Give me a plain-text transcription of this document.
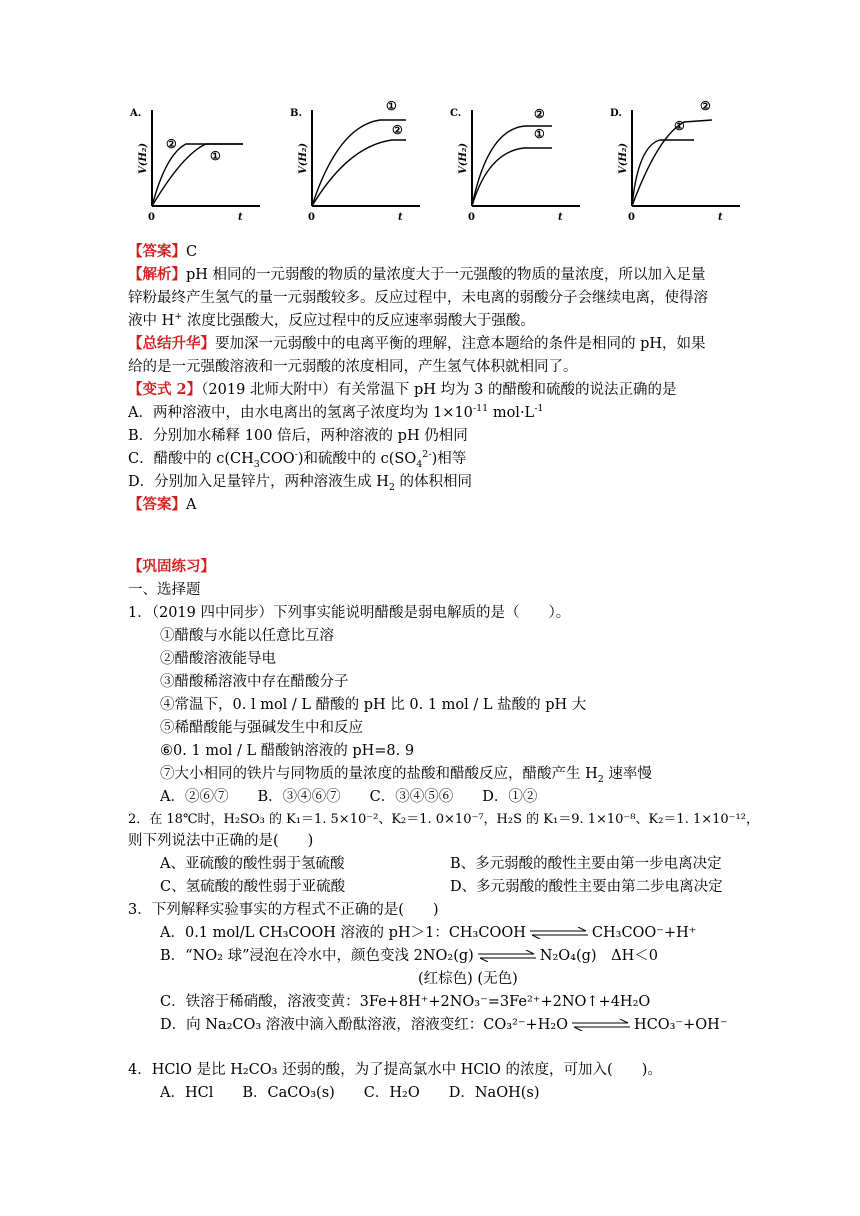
A.
V(H₂)
t
0
①
②
B.
V(H₂)
t
0
①
②
C.
V(H₂)
t
0
①
②	D.
V(H₂)
t
0
①
②
【答案】C
【解析】pH 相同的一元弱酸的物质的量浓度大于一元强酸的物质的量浓度，所以加入足量
锌粉最终产生氢气的量一元弱酸较多。反应过程中，未电离的弱酸分子会继续电离，使得溶
液中 H+ 浓度比强酸大，反应过程中的反应速率弱酸大于强酸。
【总结升华】要加深一元弱酸中的电离平衡的理解，注意本题给的条件是相同的 pH，如果
给的是一元强酸溶液和一元弱酸的浓度相同，产生氢气体积就相同了。
【变式 2】（2019 北师大附中）有关常温下 pH 均为 3 的醋酸和硫酸的说法正确的是
A．两种溶液中，由水电离出的氢离子浓度均为 $1\times 10^{-11}$ $mol\cdot L^{-1}$
B．分别加水稀释 100 倍后，两种溶液的 pH 仍相同
C．醋酸中的 $c(CH_3COO^-)$和硫酸中的 $c(SO_4^{2-})$相等
D．分别加入足量锌片，两种溶液生成 $H_2$ 的体积相同
【答案】A
【巩固练习】
一、选择题
1．（2019 四中同步）下列事实能说明醋酸是弱电解质的是（　　）。
①醋酸与水能以任意比互溶
②醋酸溶液能导电
③醋酸稀溶液中存在醋酸分子
④常温下，0. l mol / L 醋酸的 pH 比 0. 1 mol / L 盐酸的 pH 大
⑤稀醋酸能与强碱发生中和反应
⑥0. 1 mol / L 醋酸钠溶液的 pH=8. 9
⑦大小相同的铁片与同物质的量浓度的盐酸和醋酸反应，醋酸产生 $H_2$ 速率慢
A．②⑥⑦　　B．③④⑥⑦　　C．③④⑤⑥　　D．①②
2．在 18℃时，H₂SO₃ 的 K₁＝1. 5×10⁻²、K₂＝1. 0×10⁻⁷，H₂S 的 K₁＝9. 1×10⁻⁸、K₂＝1. 1×10⁻¹²，
则下列说法中正确的是(　　)
A、亚硫酸的酸性弱于氢硫酸	B、多元弱酸的酸性主要由第一步电离决定
C、氢硫酸的酸性弱于亚硫酸	D、多元弱酸的酸性主要由第二步电离决定
3．下列解释实验事实的方程式不正确的是(　　)
A．0.1 mol/L CH₃COOH 溶液的 pH＞1：CH₃COOH	CH₃COO⁻+H⁺
B．“NO₂ 球”浸泡在冷水中，颜色变浅 2NO₂(g)	N₂O₄(g)　ΔH＜0
(红棕色) (无色)
C．铁溶于稀硝酸，溶液变黄：3Fe+8H⁺+2NO₃⁻=3Fe²⁺+2NO↑+4H₂O
D．向 Na₂CO₃ 溶液中滴入酚酞溶液，溶液变红：CO₃²⁻+H₂O	HCO₃⁻+OH⁻
4．HClO 是比 H₂CO₃ 还弱的酸，为了提高氯水中 HClO 的浓度，可加入(　　)。
A．HCl　　B．CaCO₃(s)　　C．H₂O　　D．NaOH(s)
